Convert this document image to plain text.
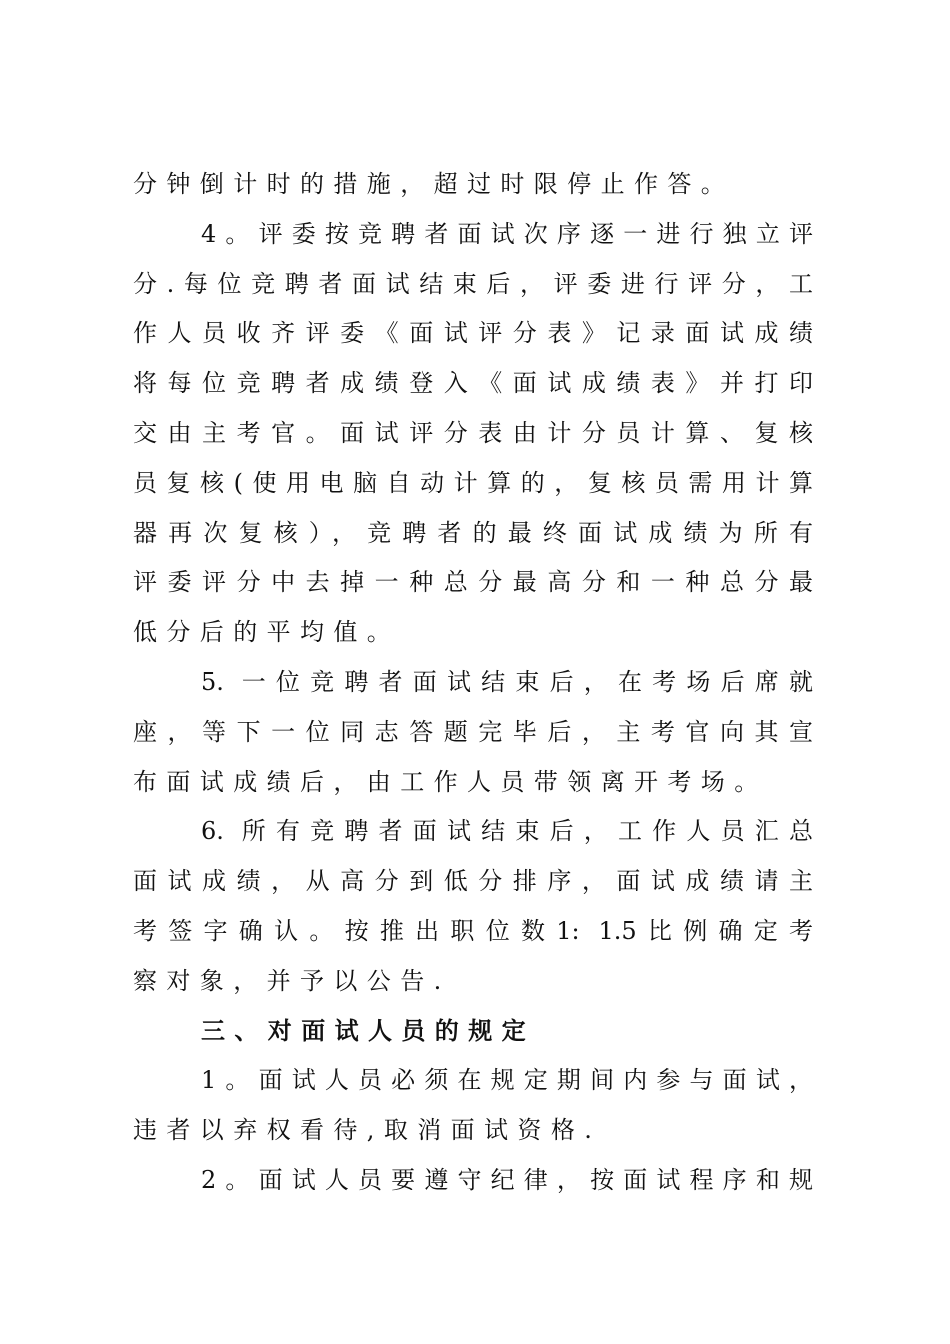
分钟倒计时的措施，超过时限停止作答。
4。评委按竞聘者面试次序逐一进行独立评
分.每位竞聘者面试结束后，评委进行评分，工
作人员收齐评委《面试评分表》记录面试成绩
将每位竞聘者成绩登入《面试成绩表》并打印
交由主考官。面试评分表由计分员计算、复核
员复核(使用电脑自动计算的，复核员需用计算
器再次复核），竞聘者的最终面试成绩为所有
评委评分中去掉一种总分最高分和一种总分最
低分后的平均值。
5. 一位竞聘者面试结束后，在考场后席就
座，等下一位同志答题完毕后，主考官向其宣
布面试成绩后，由工作人员带领离开考场。
6. 所有竞聘者面试结束后，工作人员汇总
面试成绩，从高分到低分排序，面试成绩请主
考签字确认。按推出职位数1: 1.5比例确定考
察对象，并予以公告.
三、对面试人员的规定
1。面试人员必须在规定期间内参与面试，
违者以弃权看待,取消面试资格.
2。面试人员要遵守纪律，按面试程序和规
